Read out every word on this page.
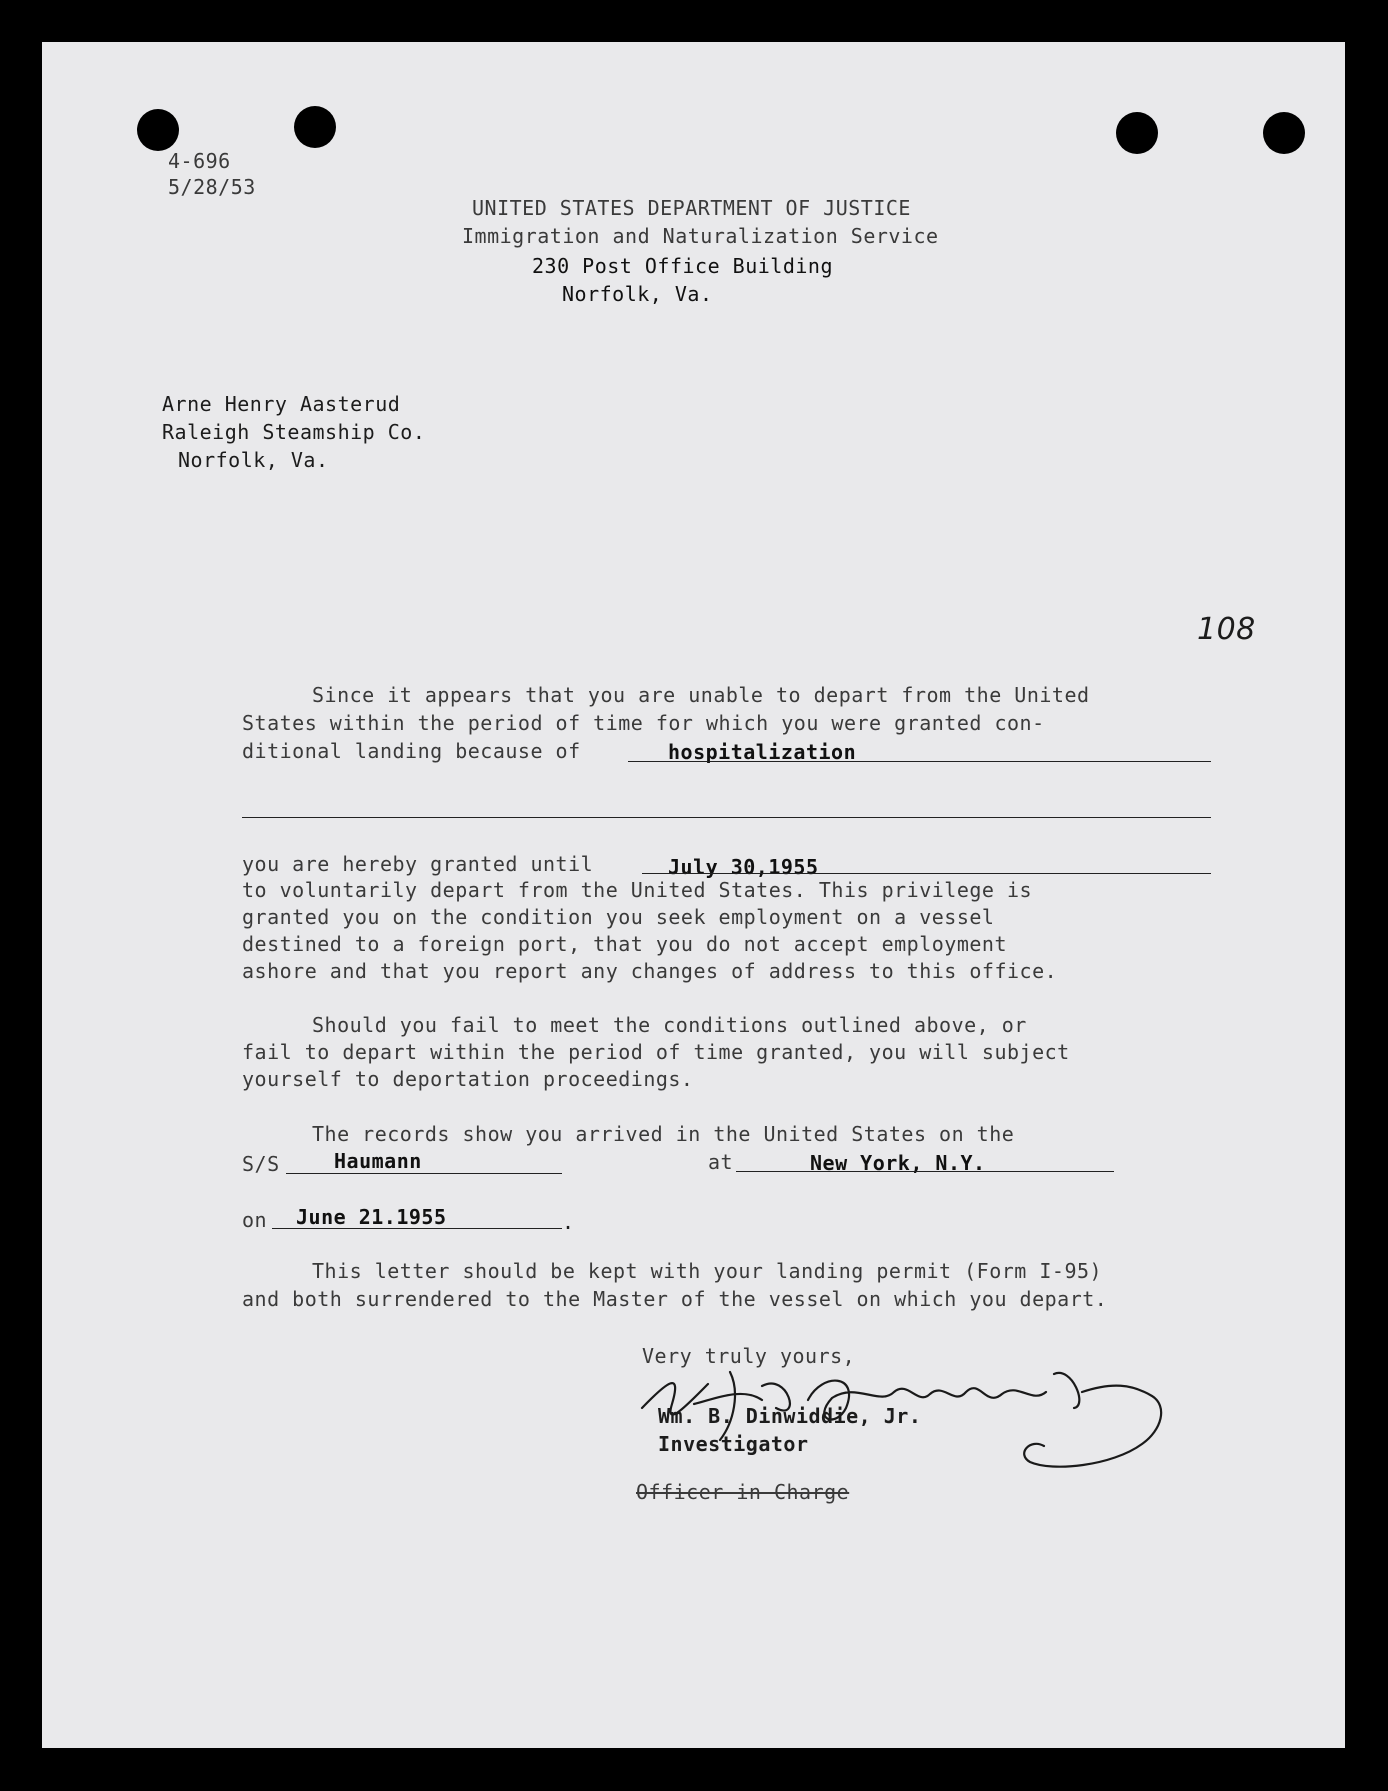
4-696
5/28/53
UNITED STATES DEPARTMENT OF JUSTICE
Immigration and Naturalization Service
230 Post Office Building
Norfolk, Va.
Arne Henry Aasterud
Raleigh Steamship Co.
Norfolk, Va.
108
Since it appears that you are unable to depart from the United
States within the period of time for which you were granted con-
ditional landing because of	hospitalization
you are hereby granted until	July 30,1955
to voluntarily depart from the United States. This privilege is
granted you on the condition you seek employment on a vessel
destined to a foreign port, that you do not accept employment
ashore and that you report any changes of address to this office.
Should you fail to meet the conditions outlined above, or
fail to depart within the period of time granted, you will subject
yourself to deportation proceedings.
The records show you arrived in the United States on the
S/S	Haumann	at	New York, N.Y.
on June 21.1955	.
This letter should be kept with your landing permit (Form I-95)
and both surrendered to the Master of the vessel on which you depart.
Very truly yours,
Wm. B. Dinwiddie, Jr.
Investigator
Officer in Charge
